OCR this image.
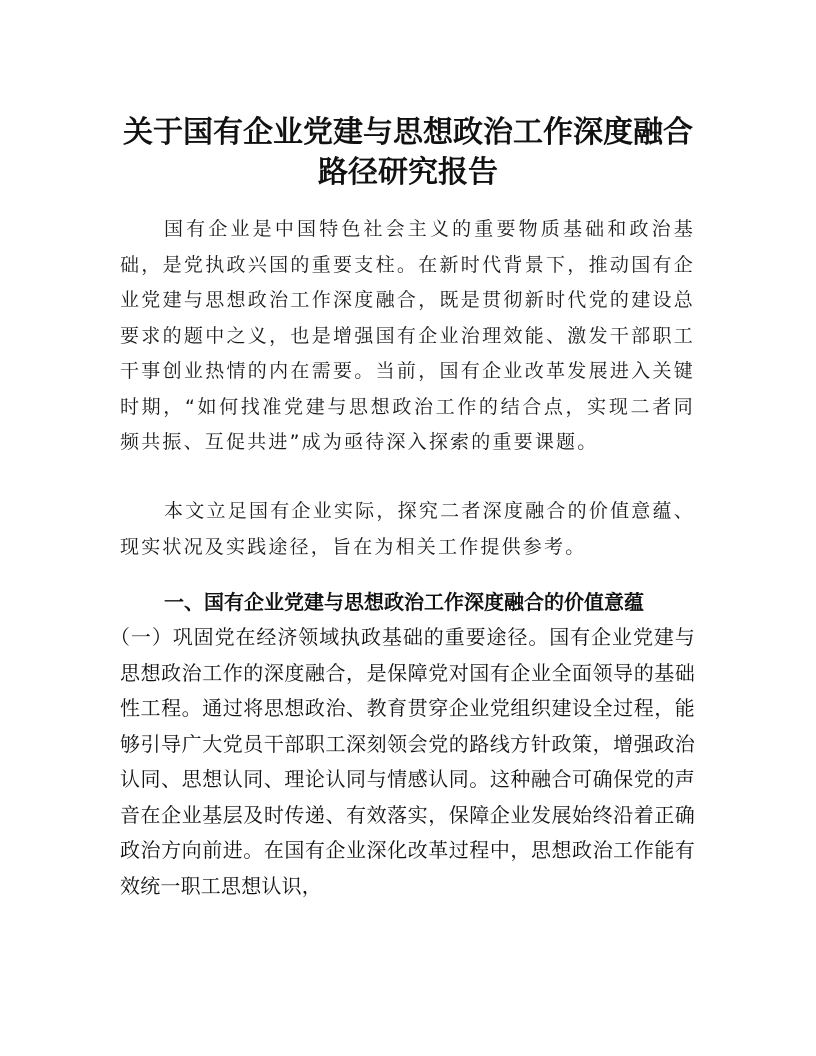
关于国有企业党建与思想政治工作深度融合
路径研究报告

国有企业是中国特色社会主义的重要物质基础和政治基础，是党执政兴国的重要支柱。在新时代背景下，推动国有企业党建与思想政治工作深度融合，既是贯彻新时代党的建设总要求的题中之义，也是增强国有企业治理效能、激发干部职工干事创业热情的内在需要。当前，国有企业改革发展进入关键时期，“如何找准党建与思想政治工作的结合点，实现二者同频共振、互促共进”成为亟待深入探索的重要课题。

本文立足国有企业实际，探究二者深度融合的价值意蕴、现实状况及实践途径，旨在为相关工作提供参考。

一、国有企业党建与思想政治工作深度融合的价值意蕴

（一）巩固党在经济领域执政基础的重要途径。国有企业党建与思想政治工作的深度融合，是保障党对国有企业全面领导的基础性工程。通过将思想政治、教育贯穿企业党组织建设全过程，能够引导广大党员干部职工深刻领会党的路线方针政策，增强政治认同、思想认同、理论认同与情感认同。这种融合可确保党的声音在企业基层及时传递、有效落实，保障企业发展始终沿着正确政治方向前进。在国有企业深化改革过程中，思想政治工作能有效统一职工思想认识，
